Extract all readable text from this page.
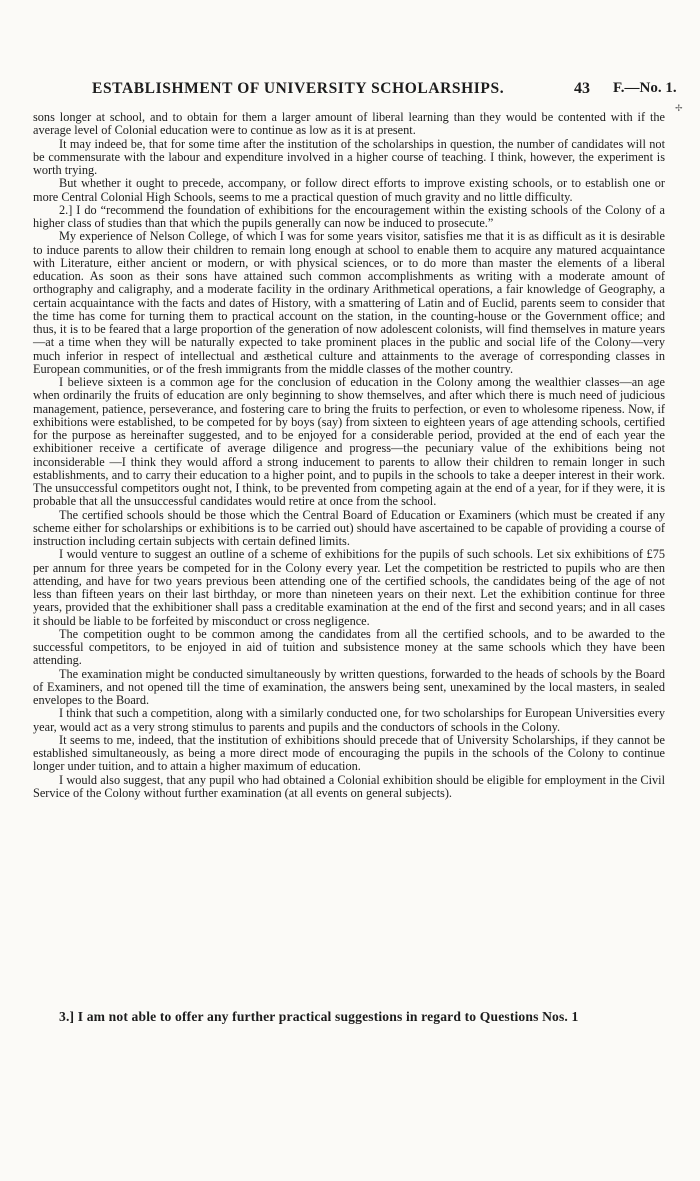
ESTABLISHMENT OF UNIVERSITY SCHOLARSHIPS.	43 F.—No. 1.
✢

sons longer at school, and to obtain for them a larger amount of liberal learning than they would be contented with if the average level of Colonial education were to continue as low as it is at present.

It may indeed be, that for some time after the institution of the scholarships in question, the number of candidates will not be commensurate with the labour and expenditure involved in a higher course of teaching. I think, however, the experiment is worth trying.

But whether it ought to precede, accompany, or follow direct efforts to improve existing schools, or to establish one or more Central Colonial High Schools, seems to me a practical question of much gravity and no little difficulty.

2.] I do “recommend the foundation of exhibitions for the encouragement within the existing schools of the Colony of a higher class of studies than that which the pupils generally can now be induced to prosecute.”

My experience of Nelson College, of which I was for some years visitor, satisfies me that it is as difficult as it is desirable to induce parents to allow their children to remain long enough at school to enable them to acquire any matured acquaintance with Literature, either ancient or modern, or with physical sciences, or to do more than master the elements of a liberal education. As soon as their sons have attained such common accomplishments as writing with a moderate amount of orthography and caligraphy, and a moderate facility in the ordinary Arithmetical operations, a fair knowledge of Geography, a certain acquaintance with the facts and dates of History, with a smattering of Latin and of Euclid, parents seem to consider that the time has come for turning them to practical account on the station, in the counting-house or the Government office; and thus, it is to be feared that a large proportion of the generation of now adolescent colonists, will find themselves in mature years—at a time when they will be naturally expected to take prominent places in the public and social life of the Colony—very much inferior in respect of intellectual and æsthetical culture and attainments to the average of corresponding classes in European communities, or of the fresh immigrants from the middle classes of the mother country.

I believe sixteen is a common age for the conclusion of education in the Colony among the wealthier classes—an age when ordinarily the fruits of education are only beginning to show themselves, and after which there is much need of judicious management, patience, perseverance, and fostering care to bring the fruits to perfection, or even to wholesome ripeness. Now, if exhibitions were established, to be competed for by boys (say) from sixteen to eighteen years of age attending schools, certified for the purpose as hereinafter suggested, and to be enjoyed for a considerable period, provided at the end of each year the exhibitioner receive a certificate of average diligence and progress—the pecuniary value of the exhibitions being not inconsiderable —I think they would afford a strong inducement to parents to allow their children to remain longer in such establishments, and to carry their education to a higher point, and to pupils in the schools to take a deeper interest in their work. The unsuccessful competitors ought not, I think, to be prevented from competing again at the end of a year, for if they were, it is probable that all the unsuccessful candidates would retire at once from the school.

The certified schools should be those which the Central Board of Education or Examiners (which must be created if any scheme either for scholarships or exhibitions is to be carried out) should have ascertained to be capable of providing a course of instruction including certain subjects with certain defined limits.

I would venture to suggest an outline of a scheme of exhibitions for the pupils of such schools. Let six exhibitions of £75 per annum for three years be competed for in the Colony every year. Let the competition be restricted to pupils who are then attending, and have for two years previous been attending one of the certified schools, the candidates being of the age of not less than fifteen years on their last birthday, or more than nineteen years on their next. Let the exhibition continue for three years, provided that the exhibitioner shall pass a creditable examination at the end of the first and second years; and in all cases it should be liable to be forfeited by misconduct or cross negligence.

The competition ought to be common among the candidates from all the certified schools, and to be awarded to the successful competitors, to be enjoyed in aid of tuition and subsistence money at the same schools which they have been attending.

The examination might be conducted simultaneously by written questions, forwarded to the heads of schools by the Board of Examiners, and not opened till the time of examination, the answers being sent, unexamined by the local masters, in sealed envelopes to the Board.

I think that such a competition, along with a similarly conducted one, for two scholarships for European Universities every year, would act as a very strong stimulus to parents and pupils and the conductors of schools in the Colony.

It seems to me, indeed, that the institution of exhibitions should precede that of University Scholarships, if they cannot be established simultaneously, as being a more direct mode of encouraging the pupils in the schools of the Colony to continue longer under tuition, and to attain a higher maximum of education.

I would also suggest, that any pupil who had obtained a Colonial exhibition should be eligible for employment in the Civil Service of the Colony without further examination (at all events on general subjects).

3.] I am not able to offer any further practical suggestions in regard to Questions Nos. 1
